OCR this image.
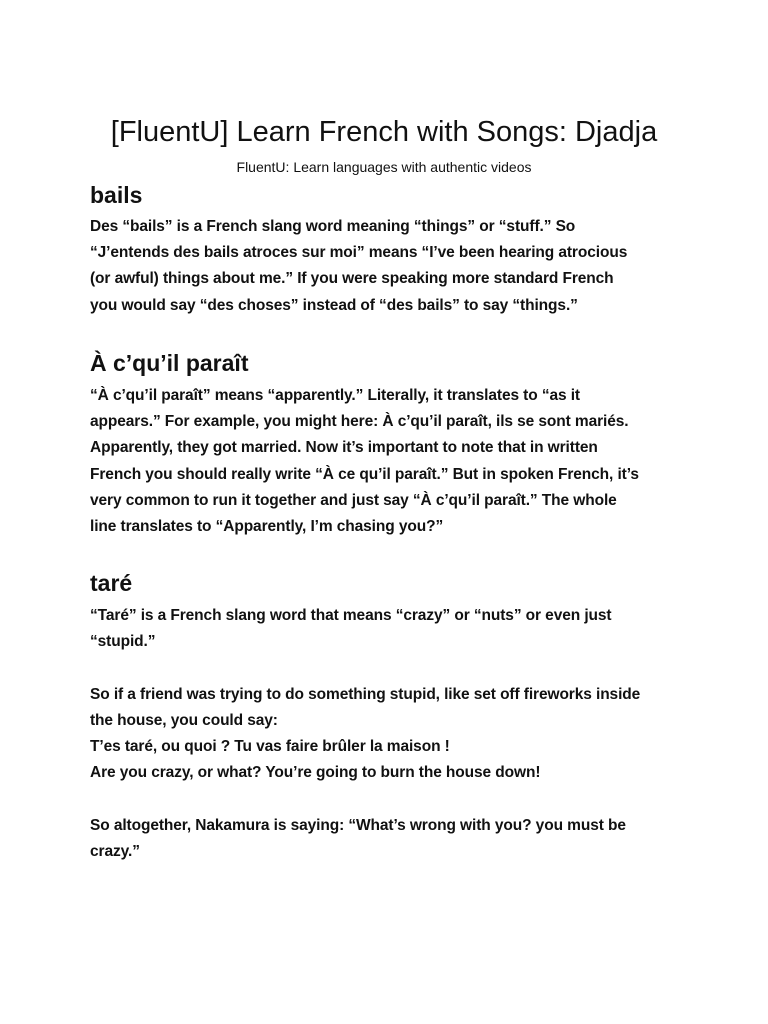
[FluentU] Learn French with Songs: Djadja

FluentU: Learn languages with authentic videos

bails
Des “bails” is a French slang word meaning “things” or “stuff.” So
“J’entends des bails atroces sur moi” means “I’ve been hearing atrocious
(or awful) things about me.” If you were speaking more standard French
you would say “des choses” instead of “des bails” to say “things.”
À c’qu’il paraît
“À c’qu’il paraît” means “apparently.” Literally, it translates to “as it
appears.” For example, you might here: À c’qu’il paraît, ils se sont mariés.
Apparently, they got married. Now it’s important to note that in written
French you should really write “À ce qu’il paraît.” But in spoken French, it’s
very common to run it together and just say “À c’qu’il paraît.” The whole
line translates to “Apparently, I’m chasing you?”
taré
“Taré” is a French slang word that means “crazy” or “nuts” or even just
“stupid.”
So if a friend was trying to do something stupid, like set off fireworks inside
the house, you could say:
T’es taré, ou quoi ? Tu vas faire brûler la maison !
Are you crazy, or what? You’re going to burn the house down!
So altogether, Nakamura is saying: “What’s wrong with you? you must be
crazy.”
